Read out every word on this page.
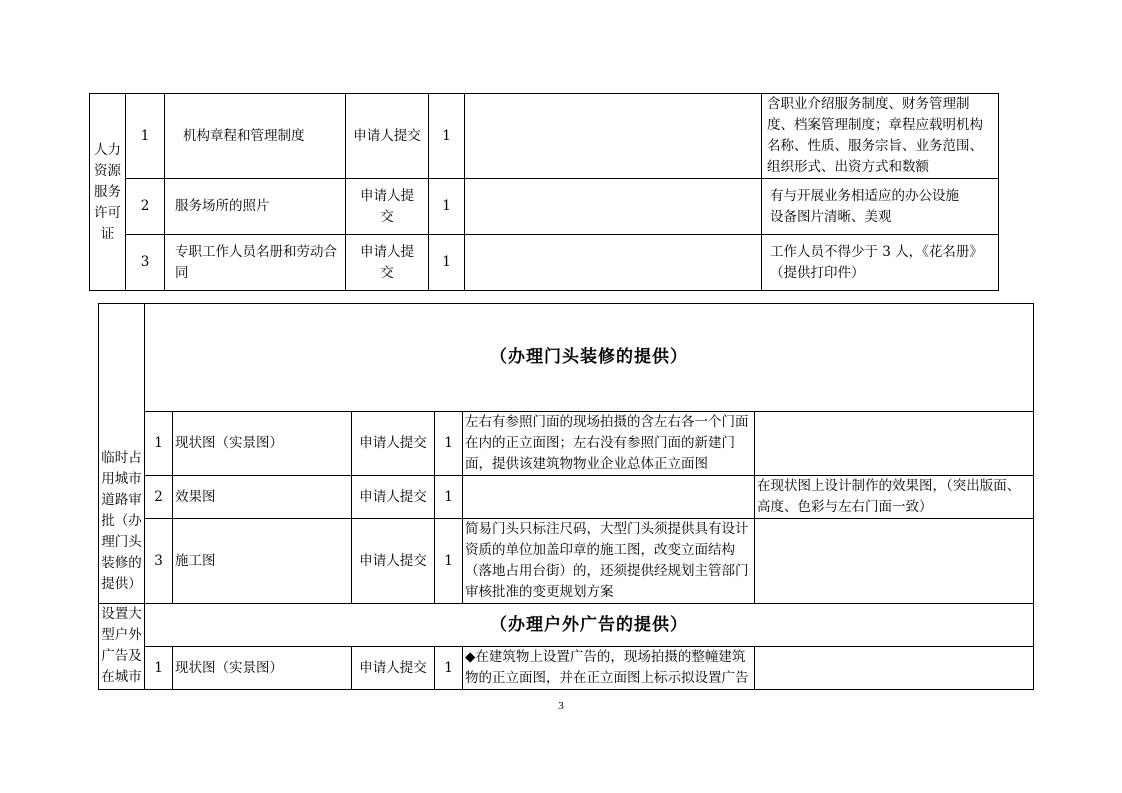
人力资源服务许可证	1	机构章程和管理制度	申请人提交	1		含职业介绍服务制度、财务管理制度、档案管理制度；章程应载明机构名称、性质、服务宗旨、业务范围、组织形式、出资方式和数额
	2	服务场所的照片	申请人提交	1		有与开展业务相适应的办公设施设备图片清晰、美观
	3	专职工作人员名册和劳动合同	申请人提交	1		工作人员不得少于 3 人，《花名册》（提供打印件）
临时占用城市道路审批（办理门头装修的提供）	（办理门头装修的提供）					
	1	现状图（实景图）	申请人提交	1	左右有参照门面的现场拍摄的含左右各一个门面在内的正立面图；左右没有参照门面的新建门面，提供该建筑物物业企业总体正立面图	
	2	效果图	申请人提交	1		在现状图上设计制作的效果图，（突出版面、高度、色彩与左右门面一致）
	3	施工图	申请人提交	1	简易门头只标注尺码，大型门头须提供具有设计资质的单位加盖印章的施工图，改变立面结构（落地占用台街）的，还须提供经规划主管部门审核批准的变更规划方案	
设置大型户外广告及在城市	（办理户外广告的提供）					
	1	现状图（实景图）	申请人提交	1	◆在建筑物上设置广告的，现场拍摄的整幢建筑物的正立面图，并在正立面图上标示拟设置广告	
3
